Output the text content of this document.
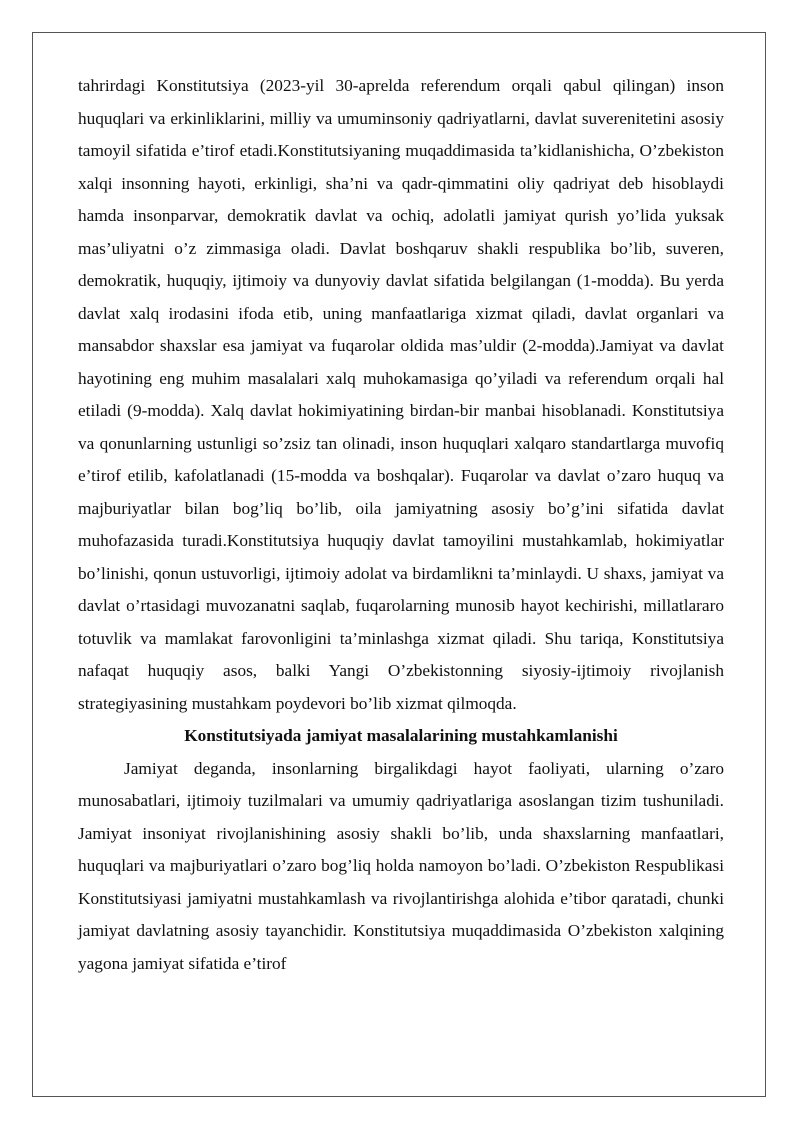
tahrirdagi Konstitutsiya (2023-yil 30-aprelda referendum orqali qabul qilingan) inson huquqlari va erkinliklarini, milliy va umuminsoniy qadriyatlarni, davlat suverenitetini asosiy tamoyil sifatida e’tirof etadi.Konstitutsiyaning muqaddimasida ta’kidlanishicha, O’zbekiston xalqi insonning hayoti, erkinligi, sha’ni va qadr-qimmatini oliy qadriyat deb hisoblaydi hamda insonparvar, demokratik davlat va ochiq, adolatli jamiyat qurish yo’lida yuksak mas’uliyatni o’z zimmasiga oladi. Davlat boshqaruv shakli respublika bo’lib, suveren, demokratik, huquqiy, ijtimoiy va dunyoviy davlat sifatida belgilangan (1-modda). Bu yerda davlat xalq irodasini ifoda etib, uning manfaatlariga xizmat qiladi, davlat organlari va mansabdor shaxslar esa jamiyat va fuqarolar oldida mas’uldir (2-modda).Jamiyat va davlat hayotining eng muhim masalalari xalq muhokamasiga qo’yiladi va referendum orqali hal etiladi (9-modda). Xalq davlat hokimiyatining birdan-bir manbai hisoblanadi. Konstitutsiya va qonunlarning ustunligi so’zsiz tan olinadi, inson huquqlari xalqaro standartlarga muvofiq e’tirof etilib, kafolatlanadi (15-modda va boshqalar). Fuqarolar va davlat o’zaro huquq va majburiyatlar bilan bog’liq bo’lib, oila jamiyatning asosiy bo’g’ini sifatida davlat muhofazasida turadi.Konstitutsiya huquqiy davlat tamoyilini mustahkamlab, hokimiyatlar bo’linishi, qonun ustuvorligi, ijtimoiy adolat va birdamlikni ta’minlaydi. U shaxs, jamiyat va davlat o’rtasidagi muvozanatni saqlab, fuqarolarning munosib hayot kechirishi, millatlararo totuvlik va mamlakat farovonligini ta’minlashga xizmat qiladi. Shu tariqa, Konstitutsiya nafaqat huquqiy asos, balki Yangi O’zbekistonning siyosiy-ijtimoiy rivojlanish strategiyasining mustahkam poydevori bo’lib xizmat qilmoqda.

Konstitutsiyada jamiyat masalalarining mustahkamlanishi

Jamiyat deganda, insonlarning birgalikdagi hayot faoliyati, ularning o’zaro munosabatlari, ijtimoiy tuzilmalari va umumiy qadriyatlariga asoslangan tizim tushuniladi. Jamiyat insoniyat rivojlanishining asosiy shakli bo’lib, unda shaxslarning manfaatlari, huquqlari va majburiyatlari o’zaro bog’liq holda namoyon bo’ladi. O’zbekiston Respublikasi Konstitutsiyasi jamiyatni mustahkamlash va rivojlantirishga alohida e’tibor qaratadi, chunki jamiyat davlatning asosiy tayanchidir. Konstitutsiya muqaddimasida O’zbekiston xalqining yagona jamiyat sifatida e’tirof
